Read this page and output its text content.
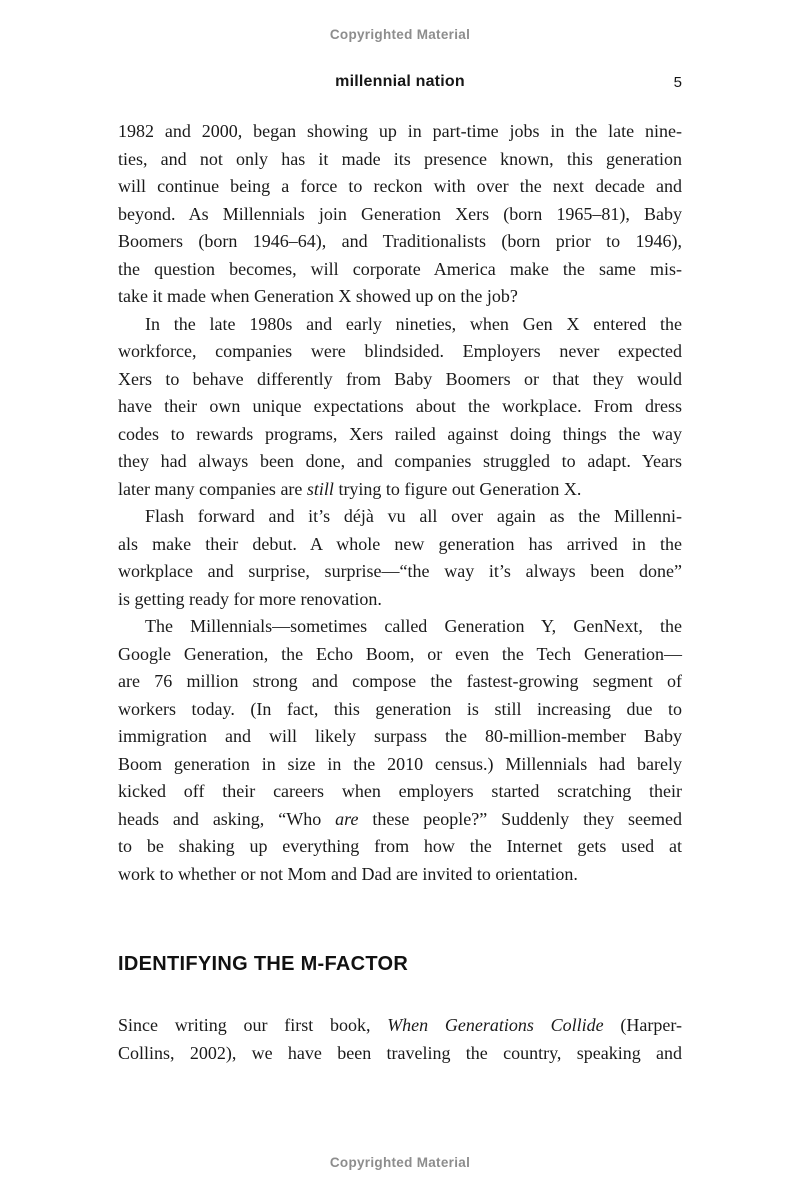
Copyrighted Material
millennial nation	5
1982 and 2000, began showing up in part-time jobs in the late nine-
ties, and not only has it made its presence known, this generation
will continue being a force to reckon with over the next decade and
beyond. As Millennials join Generation Xers (born 1965–81), Baby
Boomers (born 1946–64), and Traditionalists (born prior to 1946),
the question becomes, will corporate America make the same mis-
take it made when Generation X showed up on the job?
In the late 1980s and early nineties, when Gen X entered the
workforce, companies were blindsided. Employers never expected
Xers to behave differently from Baby Boomers or that they would
have their own unique expectations about the workplace. From dress
codes to rewards programs, Xers railed against doing things the way
they had always been done, and companies struggled to adapt. Years
later many companies are still trying to figure out Generation X.
Flash forward and it’s déjà vu all over again as the Millenni-
als make their debut. A whole new generation has arrived in the
workplace and surprise, surprise—“the way it’s always been done”
is getting ready for more renovation.
The Millennials—sometimes called Generation Y, GenNext, the
Google Generation, the Echo Boom, or even the Tech Generation—
are 76 million strong and compose the fastest-growing segment of
workers today. (In fact, this generation is still increasing due to
immigration and will likely surpass the 80-million-member Baby
Boom generation in size in the 2010 census.) Millennials had barely
kicked off their careers when employers started scratching their
heads and asking, “Who are these people?” Suddenly they seemed
to be shaking up everything from how the Internet gets used at
work to whether or not Mom and Dad are invited to orientation.
IDENTIFYING THE M-FACTOR
Since writing our first book, When Generations Collide (Harper-
Collins, 2002), we have been traveling the country, speaking and
Copyrighted Material
